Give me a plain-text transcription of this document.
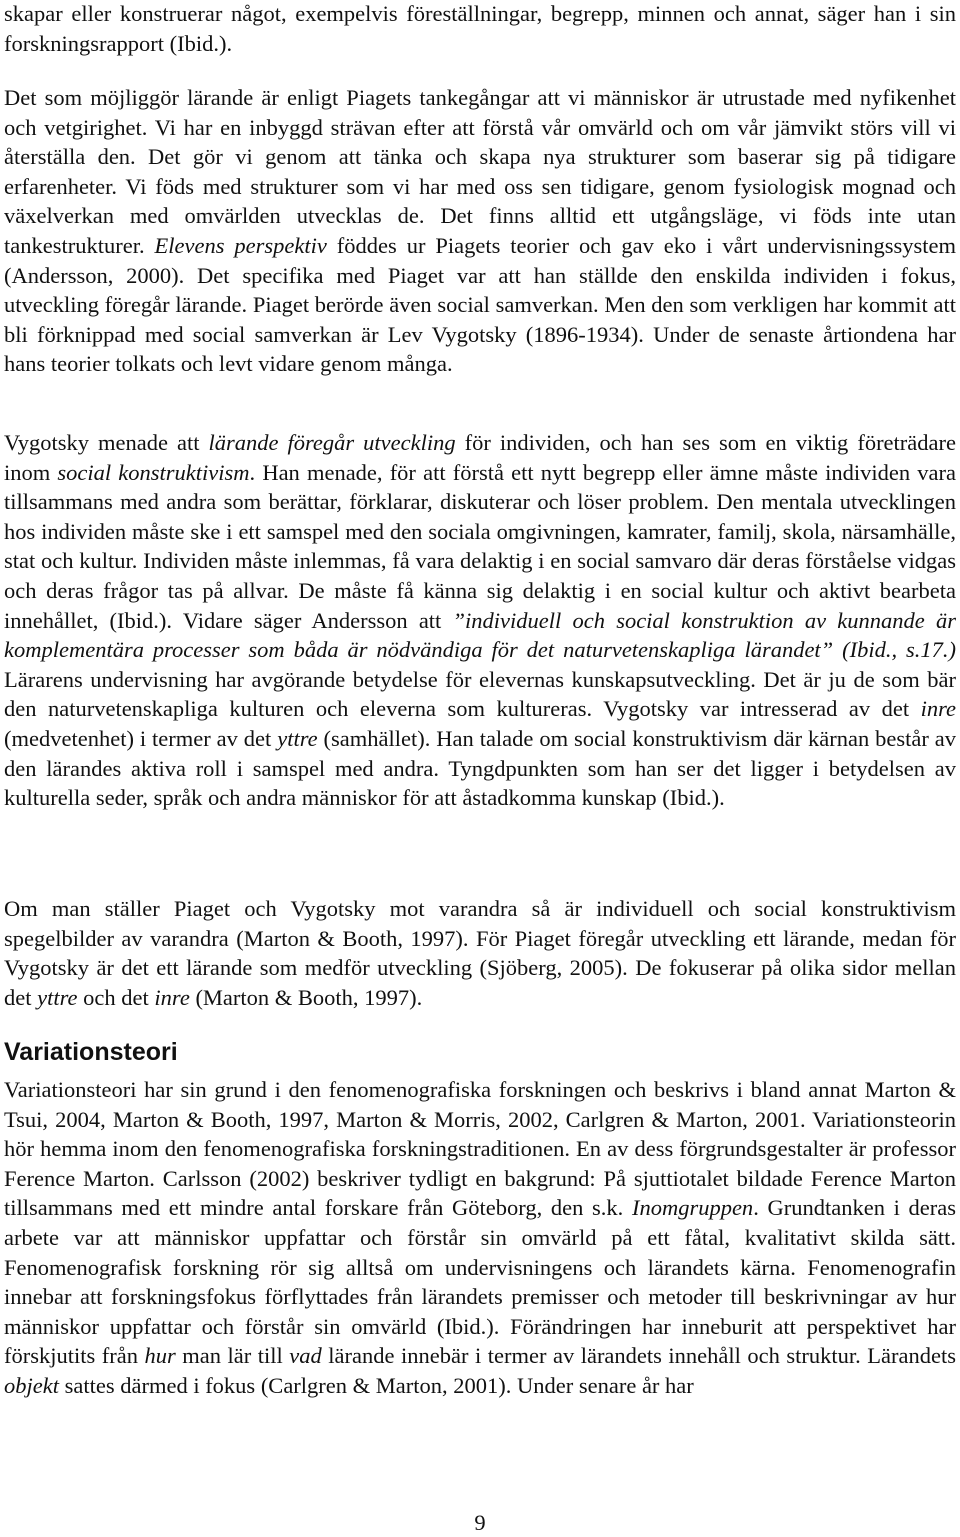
skapar eller konstruerar något, exempelvis föreställningar, begrepp, minnen och annat, säger han i sin forskningsrapport (Ibid.).

Det som möjliggör lärande är enligt Piagets tankegångar att vi människor är utrustade med nyfikenhet och vetgirighet. Vi har en inbyggd strävan efter att förstå vår omvärld och om vår jämvikt störs vill vi återställa den. Det gör vi genom att tänka och skapa nya strukturer som baserar sig på tidigare erfarenheter. Vi föds med strukturer som vi har med oss sen tidigare, genom fysiologisk mognad och växelverkan med omvärlden utvecklas de. Det finns alltid ett utgångsläge, vi föds inte utan tankestrukturer. Elevens perspektiv föddes ur Piagets teorier och gav eko i vårt undervisningssystem (Andersson, 2000). Det specifika med Piaget var att han ställde den enskilda individen i fokus, utveckling föregår lärande. Piaget berörde även social samverkan. Men den som verkligen har kommit att bli förknippad med social samverkan är Lev Vygotsky (1896-1934). Under de senaste årtiondena har hans teorier tolkats och levt vidare genom många.

Vygotsky menade att lärande föregår utveckling för individen, och han ses som en viktig företrädare inom social konstruktivism. Han menade, för att förstå ett nytt begrepp eller ämne måste individen vara tillsammans med andra som berättar, förklarar, diskuterar och löser problem. Den mentala utvecklingen hos individen måste ske i ett samspel med den sociala omgivningen, kamrater, familj, skola, närsamhälle, stat och kultur. Individen måste inlemmas, få vara delaktig i en social samvaro där deras förståelse vidgas och deras frågor tas på allvar. De måste få känna sig delaktig i en social kultur och aktivt bearbeta innehållet, (Ibid.). Vidare säger Andersson att ”individuell och social konstruktion av kunnande är komplementära processer som båda är nödvändiga för det naturvetenskapliga lärandet” (Ibid., s.17.) Lärarens undervisning har avgörande betydelse för elevernas kunskapsutveckling. Det är ju de som bär den naturvetenskapliga kulturen och eleverna som kultureras. Vygotsky var intresserad av det inre (medvetenhet) i termer av det yttre (samhället). Han talade om social konstruktivism där kärnan består av den lärandes aktiva roll i samspel med andra. Tyngdpunkten som han ser det ligger i betydelsen av kulturella seder, språk och andra människor för att åstadkomma kunskap (Ibid.).

Om man ställer Piaget och Vygotsky mot varandra så är individuell och social konstruktivism spegelbilder av varandra (Marton & Booth, 1997). För Piaget föregår utveckling ett lärande, medan för Vygotsky är det ett lärande som medför utveckling (Sjöberg, 2005). De fokuserar på olika sidor mellan det yttre och det inre (Marton & Booth, 1997).

Variationsteori

Variationsteori har sin grund i den fenomenografiska forskningen och beskrivs i bland annat Marton & Tsui, 2004, Marton & Booth, 1997, Marton & Morris, 2002, Carlgren & Marton, 2001. Variationsteorin hör hemma inom den fenomenografiska forskningstraditionen. En av dess förgrundsgestalter är professor Ference Marton. Carlsson (2002) beskriver tydligt en bakgrund: På sjuttiotalet bildade Ference Marton tillsammans med ett mindre antal forskare från Göteborg, den s.k. Inomgruppen. Grundtanken i deras arbete var att människor uppfattar och förstår sin omvärld på ett fåtal, kvalitativt skilda sätt. Fenomenografisk forskning rör sig alltså om undervisningens och lärandets kärna. Fenomenografin innebar att forskningsfokus förflyttades från lärandets premisser och metoder till beskrivningar av hur människor uppfattar och förstår sin omvärld (Ibid.). Förändringen har inneburit att perspektivet har förskjutits från hur man lär till vad lärande innebär i termer av lärandets innehåll och struktur. Lärandets objekt sattes därmed i fokus (Carlgren & Marton, 2001). Under senare år har

9
